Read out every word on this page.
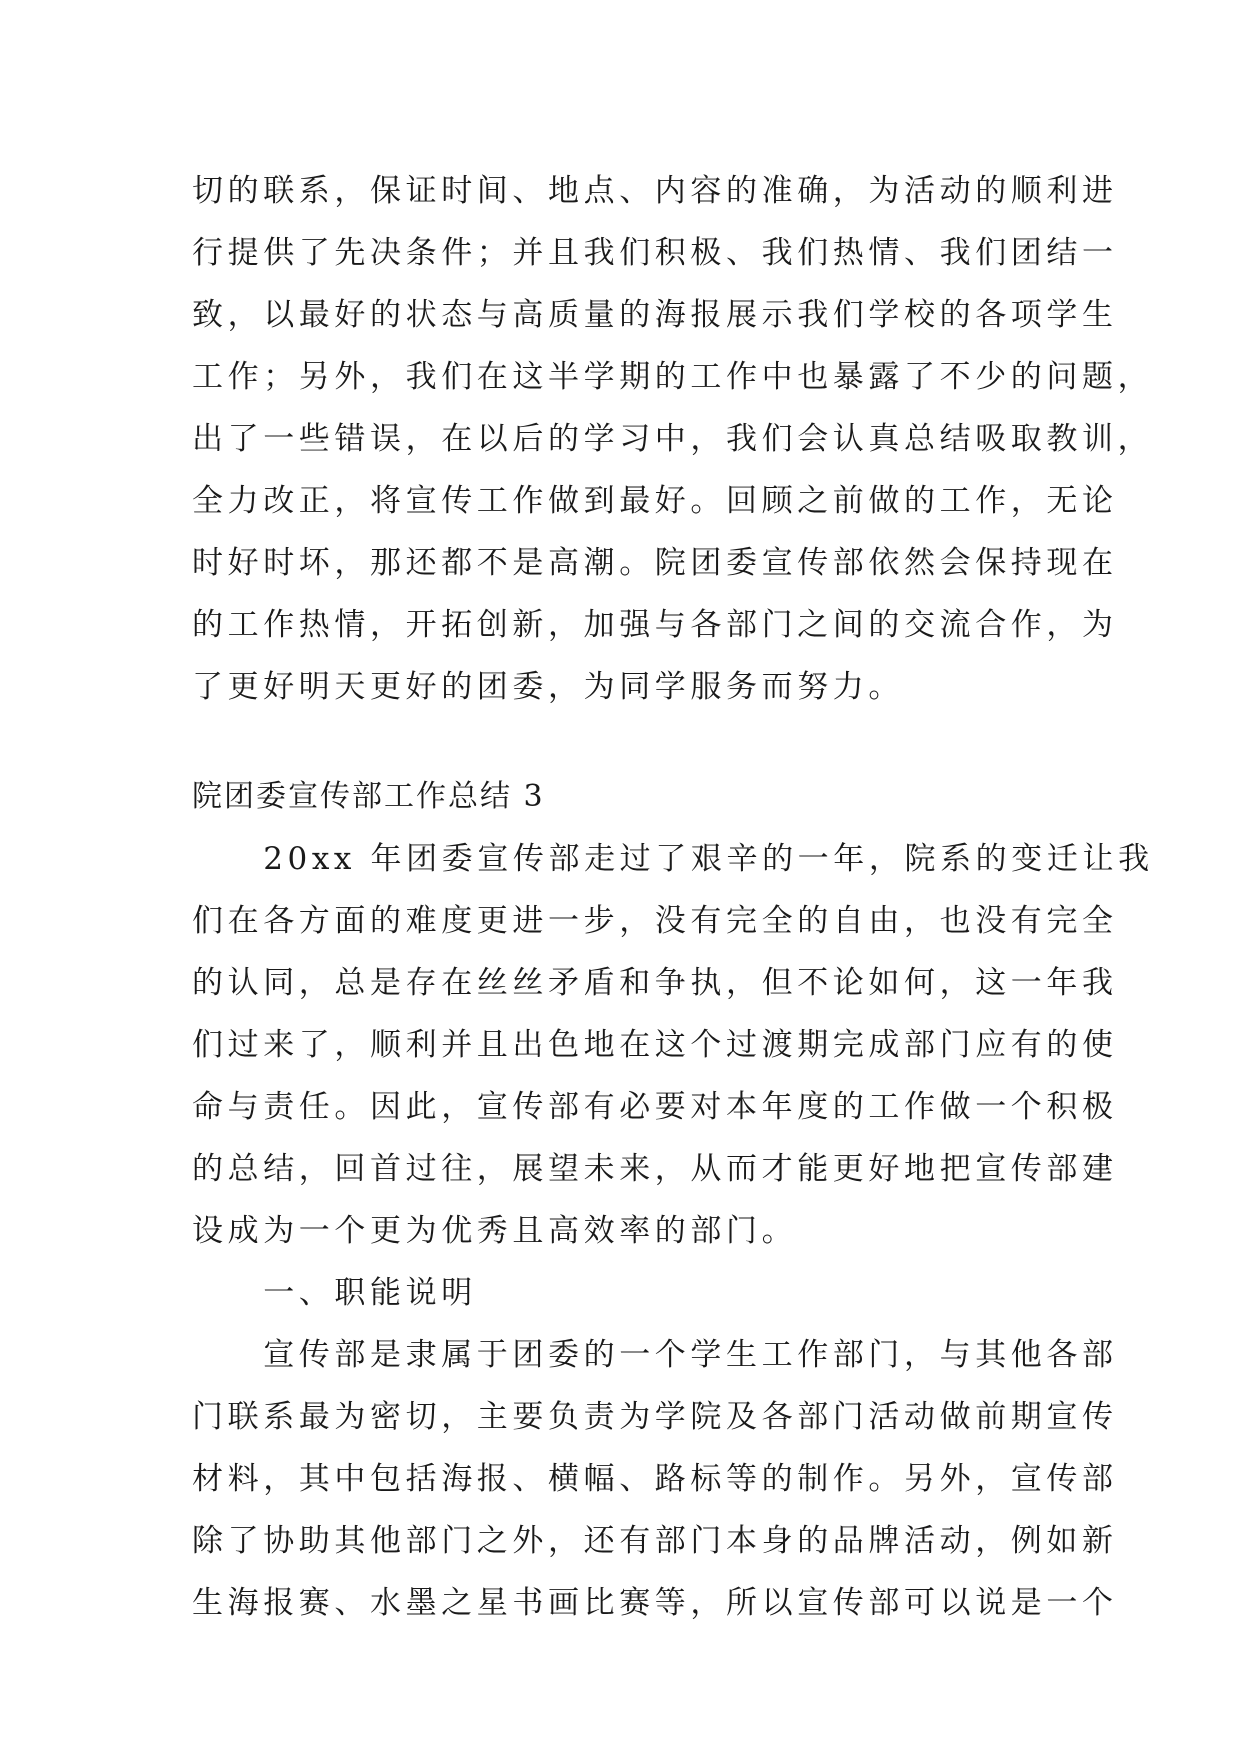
切的联系，保证时间、地点、内容的准确，为活动的顺利进
行提供了先决条件；并且我们积极、我们热情、我们团结一
致，以最好的状态与高质量的海报展示我们学校的各项学生
工作；另外，我们在这半学期的工作中也暴露了不少的问题，
出了一些错误，在以后的学习中，我们会认真总结吸取教训，
全力改正，将宣传工作做到最好。回顾之前做的工作，无论
时好时坏，那还都不是高潮。院团委宣传部依然会保持现在
的工作热情，开拓创新，加强与各部门之间的交流合作，为
了更好明天更好的团委，为同学服务而努力。
院团委宣传部工作总结 3
　　20xx 年团委宣传部走过了艰辛的一年，院系的变迁让我
们在各方面的难度更进一步，没有完全的自由，也没有完全
的认同，总是存在丝丝矛盾和争执，但不论如何，这一年我
们过来了，顺利并且出色地在这个过渡期完成部门应有的使
命与责任。因此，宣传部有必要对本年度的工作做一个积极
的总结，回首过往，展望未来，从而才能更好地把宣传部建
设成为一个更为优秀且高效率的部门。
　　一、职能说明
　　宣传部是隶属于团委的一个学生工作部门，与其他各部
门联系最为密切，主要负责为学院及各部门活动做前期宣传
材料，其中包括海报、横幅、路标等的制作。另外，宣传部
除了协助其他部门之外，还有部门本身的品牌活动，例如新
生海报赛、水墨之星书画比赛等，所以宣传部可以说是一个
